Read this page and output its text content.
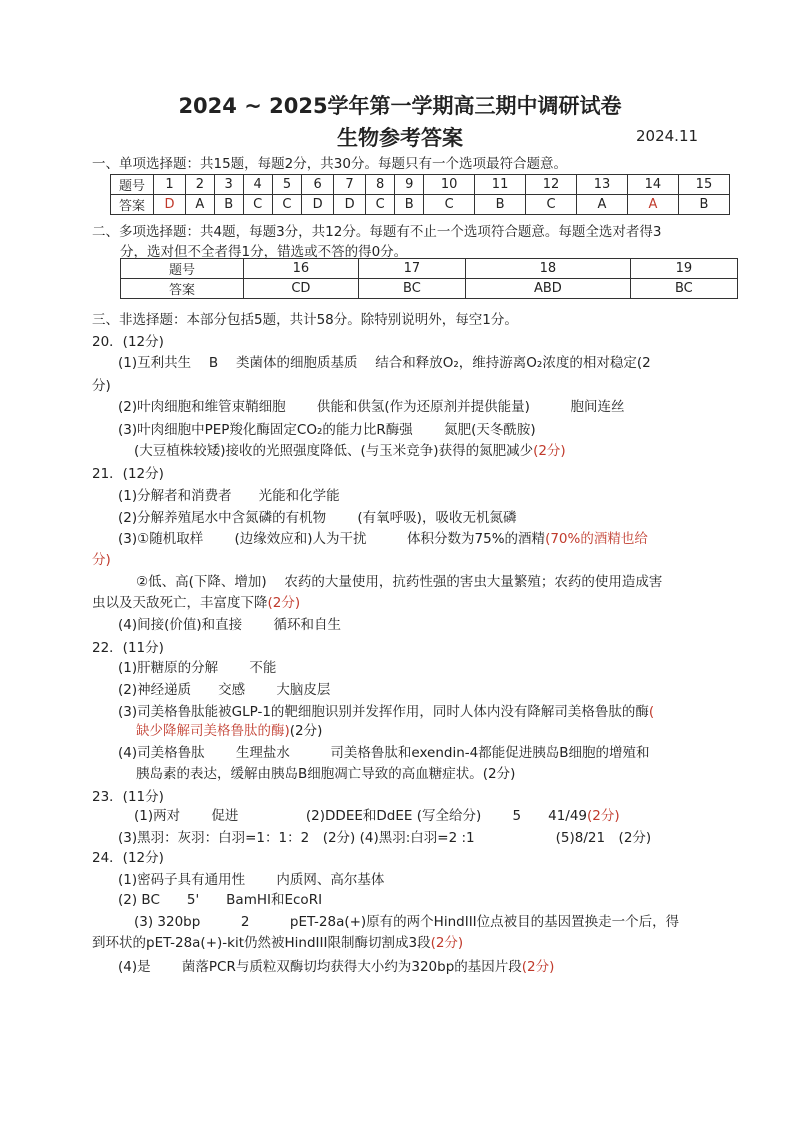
2024 ~ 2025学年第一学期高三期中调研试卷
生物参考答案	2024.11
一、单项选择题：共15题，每题2分，共30分。每题只有一个选项最符合题意。
题号	1	2	3	4	5	6	7	8	9	10	11	12	13	14	15
答案	D	A	B	C	C	D	D	C	B	C	B	C	A	A	B
二、多项选择题：共4题，每题3分，共12分。每题有不止一个选项符合题意。每题全选对者得3
分，选对但不全者得1分，错选或不答的得0分。
题号	16	17	18	19
答案	CD	BC	ABD	BC
三、非选择题：本部分包括5题，共计58分。除特别说明外，每空1分。
20．(12分)
(1)互利共生　 B　 类菌体的细胞质基质　 结合和释放O₂，维持游离O₂浓度的相对稳定(2
分)
(2)叶肉细胞和维管束鞘细胞　　 供能和供氢(作为还原剂并提供能量)　　　胞间连丝
(3)叶肉细胞中PEP羧化酶固定CO₂的能力比R酶强　　 氮肥(天冬酰胺)
(大豆植株较矮)接收的光照强度降低、(与玉米竞争)获得的氮肥减少(2分)
21．(12分)
(1)分解者和消费者　　光能和化学能
(2)分解养殖尾水中含氮磷的有机物　　 (有氧呼吸)，吸收无机氮磷
(3)①随机取样　　 (边缘效应和)人为干扰　　　体积分数为75%的酒精(70%的酒精也给
分)
②低、高(下降、增加)　 农药的大量使用，抗药性强的害虫大量繁殖；农药的使用造成害
虫以及天敌死亡，丰富度下降(2分)
(4)间接(价值)和直接　　 循环和自生
22．(11分)
(1)肝糖原的分解　　 不能
(2)神经递质　　交感　　 大脑皮层
(3)司美格鲁肽能被GLP-1的靶细胞识别并发挥作用，同时人体内没有降解司美格鲁肽的酶(
缺少降解司美格鲁肽的酶)(2分)
(4)司美格鲁肽　　 生理盐水　　　司美格鲁肽和exendin-4都能促进胰岛B细胞的增殖和
胰岛素的表达，缓解由胰岛B细胞凋亡导致的高血糖症状。(2分)
23．(11分)
(1)两对　　 促进　　　　　(2)DDEE和DdEE (写全给分)　　 5　　41/49(2分)
(3)黑羽：灰羽：白羽=1：1：2　(2分) (4)黑羽:白羽=2 :1　　　　　　(5)8/21　(2分)
24．(12分)
(1)密码子具有通用性　　 内质网、高尔基体
(2) BC　　5'　　BamHI和EcoRI
(3) 320bp　　　2　　　pET-28a(+)原有的两个HindIII位点被目的基因置换走一个后，得
到环状的pET-28a(+)-kit仍然被HindIII限制酶切割成3段(2分)
(4)是　　 菌落PCR与质粒双酶切均获得大小约为320bp的基因片段(2分)
